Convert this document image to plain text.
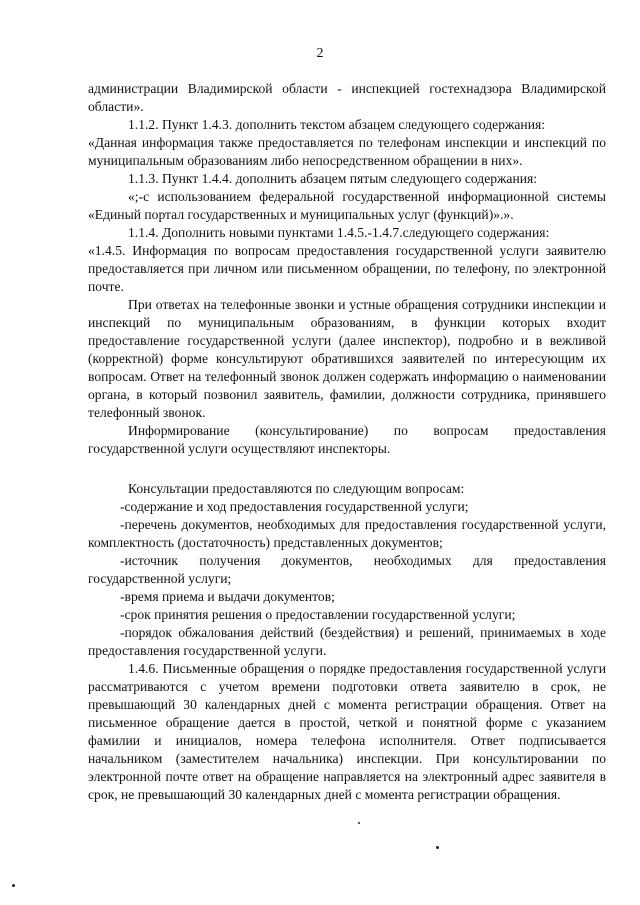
2

администрации Владимирской области - инспекцией гостехнадзора Владимирской области».

1.1.2. Пункт 1.4.3. дополнить текстом абзацем следующего содержания:

«Данная информация также предоставляется по телефонам инспекции и инспекций по муниципальным образованиям либо непосредственном обращении в них».

1.1.3. Пункт 1.4.4. дополнить абзацем пятым следующего содержания:

«;-с использованием федеральной государственной информационной системы «Единый портал государственных и муниципальных услуг (функций)».».

1.1.4. Дополнить новыми пунктами 1.4.5.-1.4.7.следующего содержания:

«1.4.5. Информация по вопросам предоставления государственной услуги заявителю предоставляется при личном или письменном обращении, по телефону, по электронной почте.

При ответах на телефонные звонки и устные обращения сотрудники инспекции и инспекций по муниципальным образованиям, в функции которых входит предоставление государственной услуги (далее инспектор), подробно и в вежливой (корректной) форме консультируют обратившихся заявителей по интересующим их вопросам. Ответ на телефонный звонок должен содержать информацию о наименовании органа, в который позвонил заявитель, фамилии, должности сотрудника, принявшего телефонный звонок.

Информирование (консультирование) по вопросам предоставления государственной услуги осуществляют инспекторы.

Консультации предоставляются по следующим вопросам:

-содержание и ход предоставления государственной услуги;

-перечень документов, необходимых для предоставления государственной услуги, комплектность (достаточность) представленных документов;

-источник получения документов, необходимых для предоставления государственной услуги;

-время приема и выдачи документов;

-срок принятия решения о предоставлении государственной услуги;

-порядок обжалования действий (бездействия) и решений, принимаемых в ходе предоставления государственной услуги.

1.4.6. Письменные обращения о порядке предоставления государственной услуги рассматриваются с учетом времени подготовки ответа заявителю в срок, не превышающий 30 календарных дней с момента регистрации обращения. Ответ на письменное обращение дается в простой, четкой и понятной форме с указанием фамилии и инициалов, номера телефона исполнителя. Ответ подписывается начальником (заместителем начальника) инспекции. При консультировании по электронной почте ответ на обращение направляется на электронный адрес заявителя в срок, не превышающий 30 календарных дней с момента регистрации обращения.
